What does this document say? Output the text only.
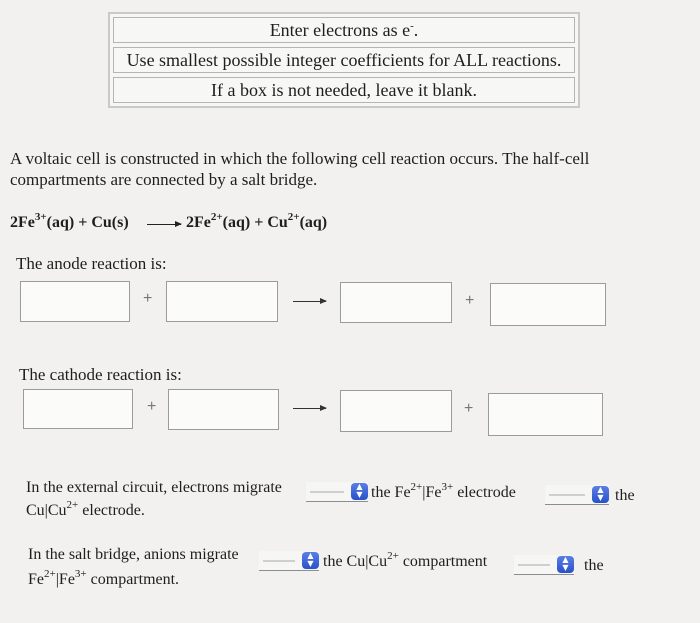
Enter electrons as e-.
Use smallest possible integer coefficients for ALL reactions.
If a box is not needed, leave it blank.
A voltaic cell is constructed in which the following cell reaction occurs. The half-cell
compartments are connected by a salt bridge.
$2Fe^{3+}(aq) + Cu(s) \to 2Fe^{2+}(aq) + Cu^{2+}(aq)$
The anode reaction is:
+	+
The cathode reaction is:
+	+
In the external circuit, electrons migrate	▲
▼ the $Fe^{2+}|Fe^{3+}$ electrode	▲
▼ the
$Cu|Cu^{2+}$ electrode.
In the salt bridge, anions migrate	▲
▼ the $Cu|Cu^{2+}$ compartment	▲
▼ the
$Fe^{2+}|Fe^{3+}$ compartment.
